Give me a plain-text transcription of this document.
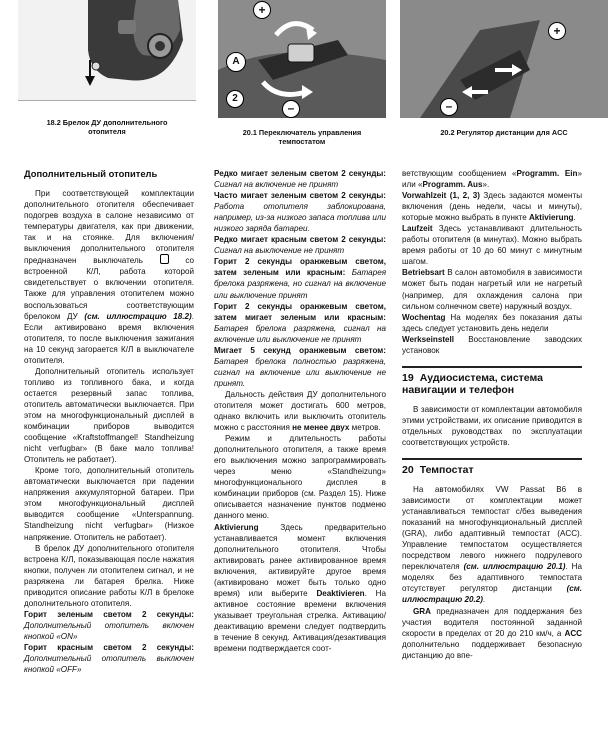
18.2 Брелок ДУ дополнительного
отопителя
+
A
2
–
20.1 Переключатель управления
темпостатом
+
–
20.2 Регулятор дистанции для ACC
Дополнительный отопитель

При соответствующей комплектации дополнительного отопителя обеспечивает подогрев воздуха в салоне независимо от температуры двигателя, как при движении, так и на стоянке. Для включения/выключения дополнительного отопителя предназначен выключатель	со встроенной К/Л, работа которой свидетельствует о включении отопителя. Также для управления отопителем можно воспользоваться соответствующим брелоком ДУ (см. иллюстрацию 18.2). Если активировано время включения отопителя, то после выключения зажигания на 10 секунд загорается К/Л в выключателе отопителя.

Дополнительный отопитель использует топливо из топливного бака, и когда остается резервный запас топлива, отопитель автоматически выключается. При этом на многофункциональный дисплей в комбинации приборов выводится сообщение «Kraftstoffmangel! Standheizung nicht verfugbar» (В баке мало топлива! Отопитель не работает).

Кроме того, дополнительный отопитель автоматически выключается при падении напряжения аккумуляторной батареи. При этом многофункциональный дисплей выводится сообщение «Unterspannung. Standheizung nicht verfugbar» (Низкое напряжение. Отопитель не работает).

В брелок ДУ дополнительного отопителя встроена К/Л, показывающая после нажатия кнопки, получен ли отопителем сигнал, и не разряжена ли батарея брелка. Ниже приводится описание работы К/Л в брелоке дополнительного отопителя.

Горит зеленым светом 2 секунды: Дополнительный отопитель включен кнопкой «ON»

Горит красным светом 2 секунды: Дополнительный отопитель выключен кнопкой «OFF»

Редко мигает зеленым светом 2 секунды: Сигнал на включение не принят

Часто мигает зеленым светом 2 секунды: Работа отопителя заблокирована, например, из-за низкого запаса топлива или низкого заряда батареи.

Редко мигает красным светом 2 секунды: Сигнал на выключение не принят

Горит 2 секунды оранжевым светом, затем зеленым или красным: Батарея брелока разряжена, но сигнал на включение или выключение принят

Горит 2 секунды оранжевым светом, затем мигает зеленым или красным: Батарея брелока разряжена, сигнал на включение или выключение не принят

Мигает 5 секунд оранжевым светом: Батарея брелока полностью разряжена, сигнал на включение или выключение не принят.

Дальность действия ДУ дополнительного отопителя может достигать 600 метров, однако включить или выключить отопитель можно с расстояния не менее двух метров.

Режим и длительность работы дополнительного отопителя, а также время его выключения можно запрограммировать через меню «Standheizung» многофункционального дисплея в комбинации приборов (см. Раздел 15). Ниже описывается назначение пунктов подменю данного меню.

Aktivierung	Здесь предварительно устанавливается момент включения дополнительного отопителя. Чтобы активировать ранее активированное время включения, активируйте другое время (активировано может быть только одно время) или выберите Deaktivieren. На активное состояние времени включения указывает треугольная стрелка. Активацию/деактивацию времени следует подтвердить в течение 8 секунд. Активация/дезактивация времени подтверждается соот-

ветствующим сообщением «Programm. Ein» или «Programm. Aus».

Vorwahlzeit (1, 2, 3) Здесь задаются моменты включения (день недели, часы и минуты), которые можно выбрать в пункте Aktivierung.

Laufzeit Здесь устанавливают длительность работы отопителя (в минутах). Можно выбрать время работы от 10 до 60 минут с минутным шагом.

Betriebsart В салон автомобиля в зависимости может быть подан нагретый или не нагретый (например, для охлаждения салона при сильном солнечном свете) наружный воздух.

Wochentag На моделях без показания даты здесь следует установить день недели

Werkseinstell Восстановление заводских установок

19 Аудиосистема, система навигации и телефон

В зависимости от комплектации автомобиля этими устройствами, их описание приводится в отдельных руководствах по эксплуатации соответствующих устройств.

20 Темпостат

На автомобилях VW Passat B6 в зависимости от комплектации может устанавливаться темпостат с/без выведения показаний на многофункциональный дисплей (GRA), либо адаптивный темпостат (ACC). Управление темпостатом осуществляется посредством левого нижнего подрулевого переключателя (см. иллюстрацию 20.1). На моделях без адаптивного темпостата отсутствует регулятор дистанции (см. иллюстрацию 20.2).

GRA предназначен для поддержания без участия водителя постоянной заданной скорости в пределах от 20 до 210 км/ч, а ACC дополнительно поддерживает безопасную дистанцию до впе-
